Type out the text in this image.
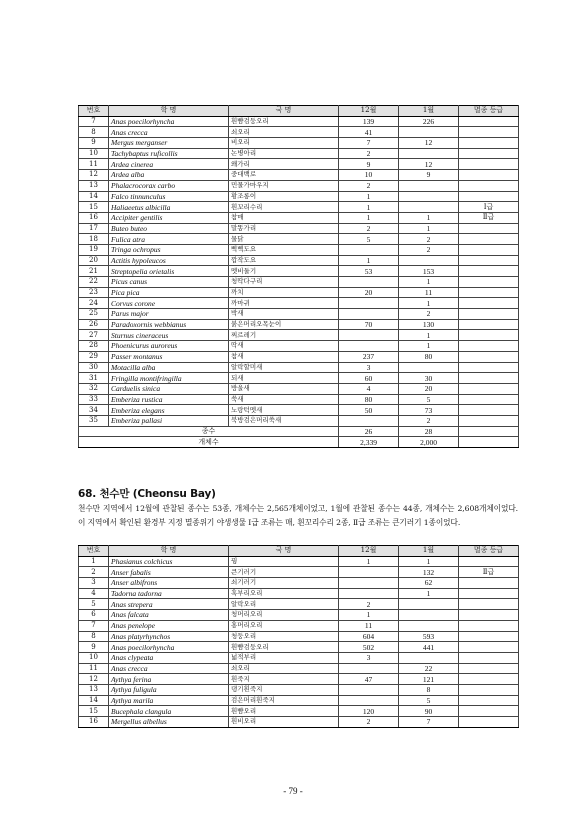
번호	학 명	국 명	12월	1월	멸종 등급
7	Anas poecilorhyncha	흰뺨검둥오리	139	226	
8	Anas crecca	쇠오리	41		
9	Mergus merganser	비오리	7	12	
10	Tachybaptus ruficollis	논병아리	2		
11	Ardea cinerea	왜가리	9	12	
12	Ardea alba	중대백로	10	9	
13	Phalacrocorax carbo	민물가마우지	2		
14	Falco tinnunculus	황조롱이	1		
15	Haliaeetus albicilla	흰꼬리수리	1		Ⅰ급
16	Accipiter gentilis	참매	1	1	Ⅱ급
17	Buteo buteo	말똥가리	2	1	
18	Fulica atra	물닭	5	2	
19	Tringa ochropus	삑삑도요		2	
20	Actitis hypoleucos	깝작도요	1		
21	Streptopelia orietalis	멧비둘기	53	153	
22	Picus canus	청딱다구리		1	
23	Pica pica	까치	20	11	
24	Corvus corone	까마귀		1	
25	Parus major	박새		2	
26	Paradoxornis webbianus	붉은머리오목눈이	70	130	
27	Sturnus cineraceus	찌르레기		1	
28	Phoenicurus auroreus	딱새		1	
29	Passer montanus	참새	237	80	
30	Motacilla alba	알락할미새	3		
31	Fringilla montifringilla	되새	60	30	
32	Carduelis sinica	방울새	4	20	
33	Emberiza rustica	쑥새	80	5	
34	Emberiza elegans	노랑턱멧새	50	73	
35	Emberiza pallasi	북방검은머리쑥새		2	
종수			26	28	
개체수			2,339	2,000	
68. 천수만 (Cheonsu Bay)

천수만 지역에서 12월에 관찰된 종수는 53종, 개체수는 2,565개체이었고, 1월에 관찰된 종수는 44종, 개체수는 2,608개체이었다. 이 지역에서 확인된 환경부 지정 멸종위기 야생생물 Ⅰ급 조류는 매, 흰꼬리수리 2종, Ⅱ급 조류는 큰기러기 1종이었다.

번호	학 명	국 명	12월	1월	멸종 등급
1	Phasianus colchicus	꿩	1	1	
2	Anser fabalis	큰기러기		132	Ⅱ급
3	Anser albifrons	쇠기러기		62	
4	Tadorna tadorna	혹부리오리		1	
5	Anas strepera	알락오리	2		
6	Anas falcata	청머리오리	1		
7	Anas penelope	홍머리오리	11		
8	Anas platyrhynchos	청둥오리	604	593	
9	Anas poecilorhyncha	흰뺨검둥오리	502	441	
10	Anas clypeata	넓적부리	3		
11	Anas crecca	쇠오리		22	
12	Aythya ferina	흰죽지	47	121	
13	Aythya fuligula	댕기흰죽지		8	
14	Aythya marila	검은머리흰죽지		5	
15	Bucephala clangula	흰뺨오리	120	90	
16	Mergellus albellus	흰비오리	2	7	
- 79 -
